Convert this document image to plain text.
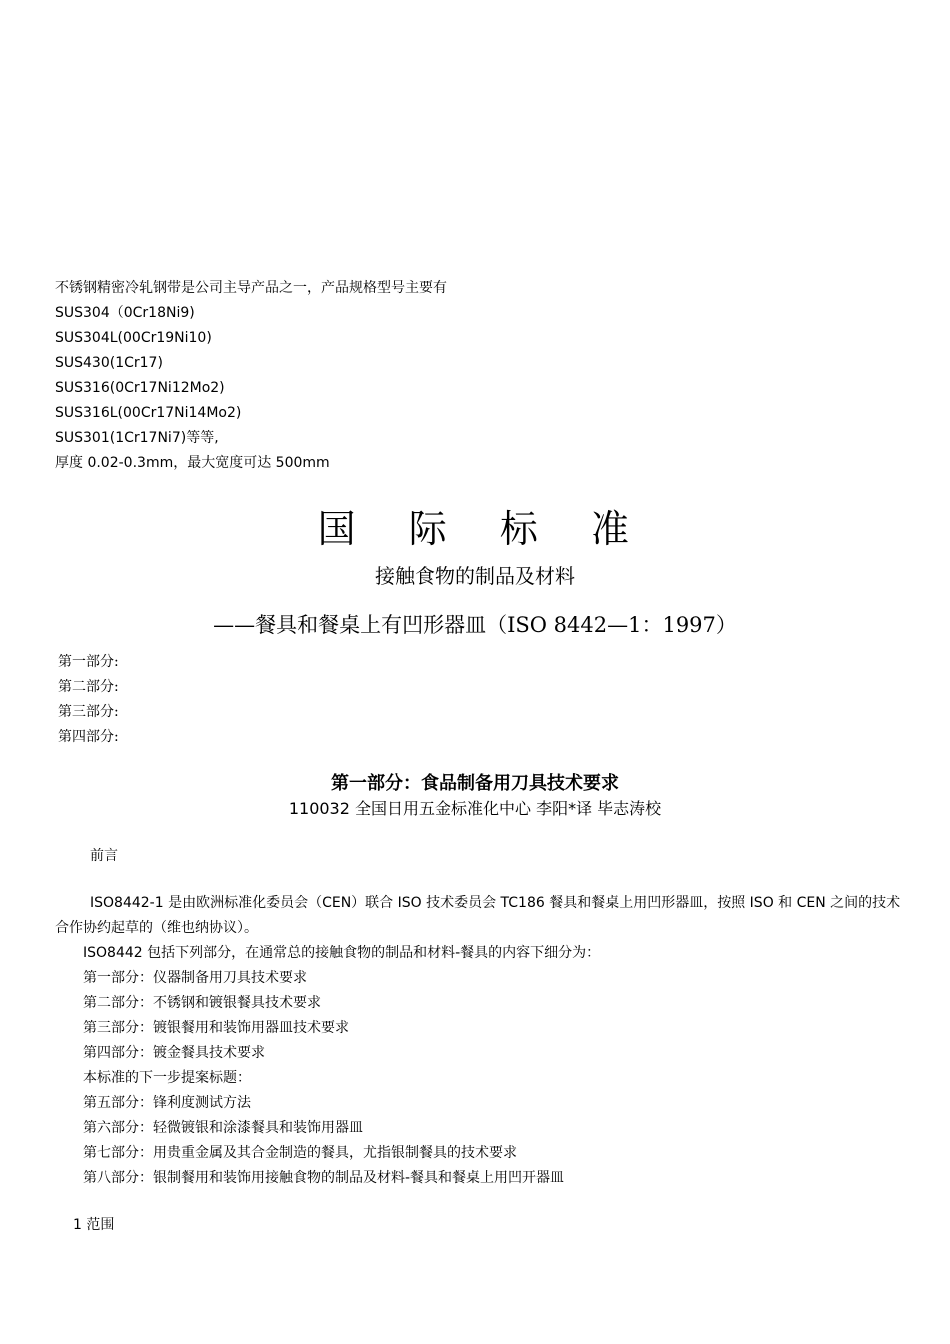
不锈钢精密冷轧钢带是公司主导产品之一，产品规格型号主要有
SUS304（0Cr18Ni9)
SUS304L(00Cr19Ni10)
SUS430(1Cr17)
SUS316(0Cr17Ni12Mo2)
SUS316L(00Cr17Ni14Mo2)
SUS301(1Cr17Ni7)等等,
厚度 0.02-0.3mm，最大宽度可达 500mm
国 际 标 准
接触食物的制品及材料
——餐具和餐桌上有凹形器皿（ISO 8442—1：1997）
第一部分:
第二部分:
第三部分:
第四部分:
第一部分：食品制备用刀具技术要求
110032 全国日用五金标准化中心 李阳*译 毕志涛校
前言
ISO8442-1 是由欧洲标准化委员会（CEN）联合 ISO 技术委员会 TC186 餐具和餐桌上用凹形器皿，按照 ISO 和 CEN 之间的技术
合作协约起草的（维也纳协议）。
ISO8442 包括下列部分，在通常总的接触食物的制品和材料-餐具的内容下细分为：
第一部分：仪器制备用刀具技术要求
第二部分：不锈钢和镀银餐具技术要求
第三部分：镀银餐用和装饰用器皿技术要求
第四部分：镀金餐具技术要求
本标准的下一步提案标题：
第五部分：锋利度测试方法
第六部分：轻微镀银和涂漆餐具和装饰用器皿
第七部分：用贵重金属及其合金制造的餐具，尤指银制餐具的技术要求
第八部分：银制餐用和装饰用接触食物的制品及材料-餐具和餐桌上用凹开器皿
1 范围
